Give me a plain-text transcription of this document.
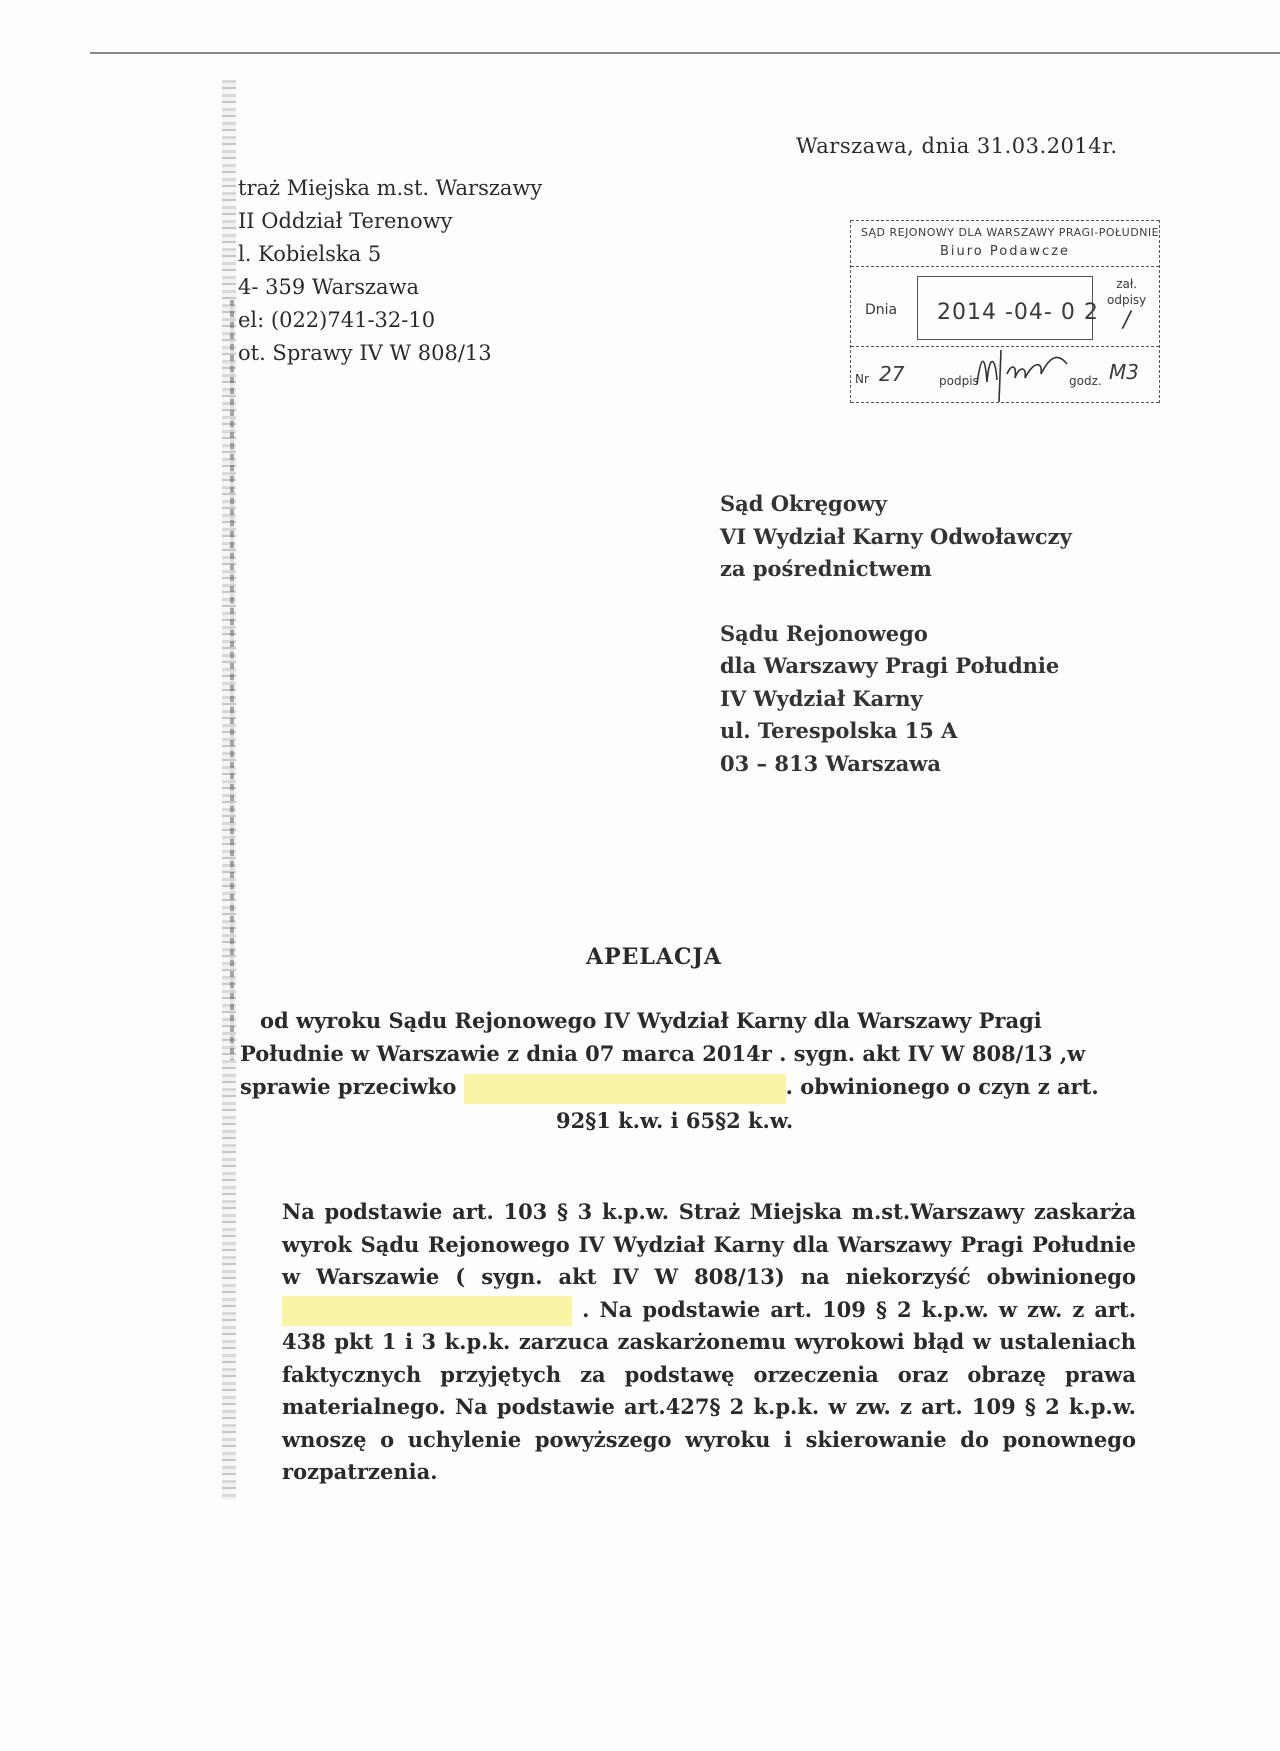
Warszawa, dnia 31.03.2014r.
traż Miejska m.st. Warszawy
II Oddział Terenowy
l. Kobielska 5
4- 359 Warszawa
el: (022)741-32-10
ot. Sprawy IV W 808/13
SĄD REJONOWY DLA WARSZAWY PRAGI-POŁUDNIE
Biuro Podawcze
Dnia 2014 -04- 0 2
zał.
odpisy
/
Nr 27	podpis	godz. M3
Sąd Okręgowy
VI Wydział Karny Odwoławczy
za pośrednictwem
Sądu Rejonowego
dla Warszawy Pragi Południe
IV Wydział Karny
ul. Terespolska 15 A
03 – 813 Warszawa
APELACJA
od wyroku Sądu Rejonowego IV Wydział Karny dla Warszawy Pragi
Południe w Warszawie z dnia 07 marca 2014r . sygn. akt IV W 808/13 ,w
sprawie przeciwko	. obwinionego o czyn z art.
92§1 k.w. i 65§2 k.w.
Na podstawie art. 103 § 3 k.p.w. Straż Miejska m.st.Warszawy zaskarża wyrok Sądu Rejonowego IV Wydział Karny dla Warszawy Pragi Południe w Warszawie ( sygn. akt IV W 808/13) na niekorzyść obwinionego  . Na podstawie art. 109 § 2 k.p.w. w zw. z art. 438 pkt 1 i 3 k.p.k. zarzuca zaskarżonemu wyrokowi błąd w ustaleniach faktycznych przyjętych za podstawę orzeczenia oraz obrazę prawa materialnego. Na podstawie art.427§ 2 k.p.k. w zw. z art. 109 § 2 k.p.w. wnoszę o uchylenie powyższego wyroku i skierowanie do ponownego rozpatrzenia.
